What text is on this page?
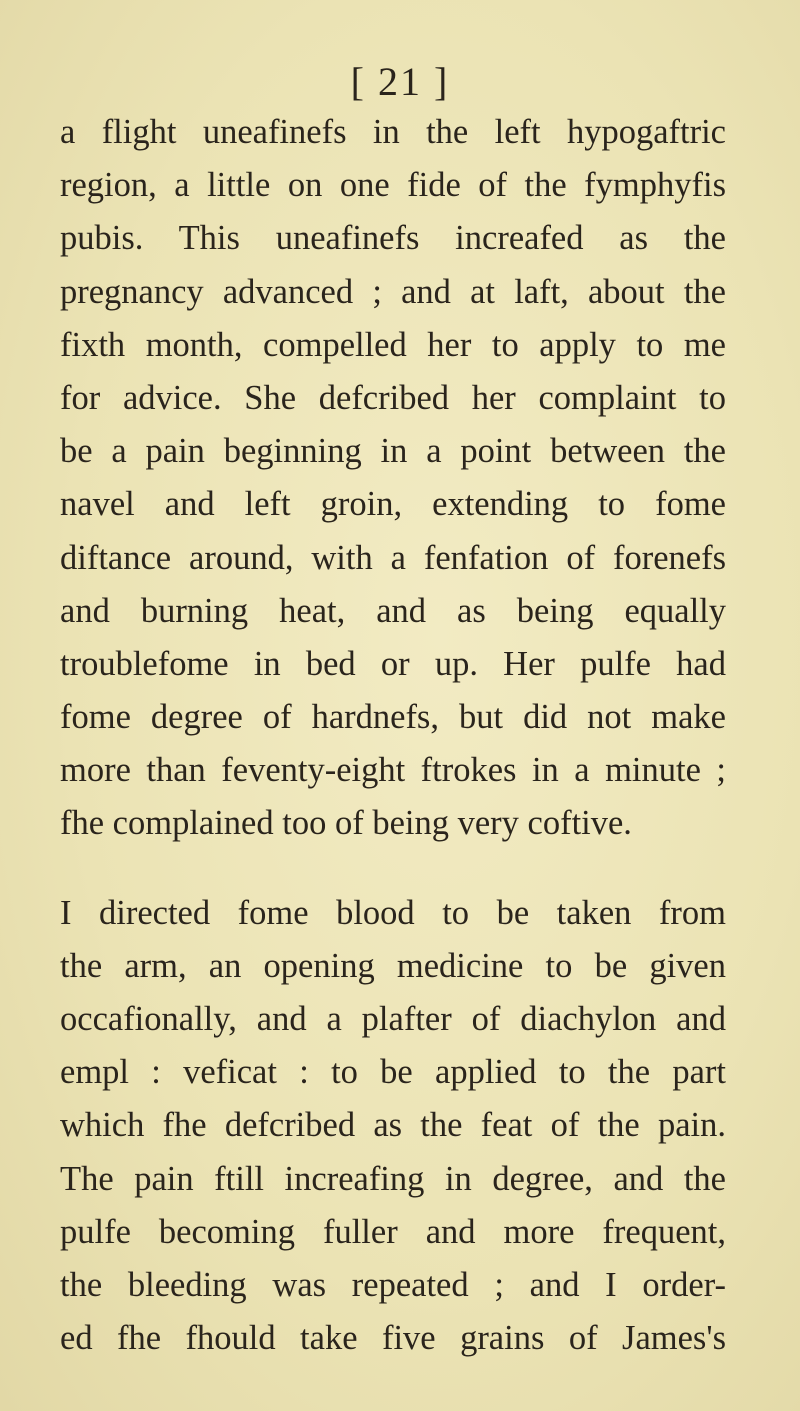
[ 21 ]

a flight uneafinefs in the left hypogaftric
region, a little on one fide of the fymphyfis
pubis. This uneafinefs increafed as the
pregnancy advanced ; and at laft, about the
fixth month, compelled her to apply to me
for advice. She defcribed her complaint to
be a pain beginning in a point between the
navel and left groin, extending to fome
diftance around, with a fenfation of forenefs
and burning heat, and as being equally
troublefome in bed or up. Her pulfe had
fome degree of hardnefs, but did not make
more than feventy-eight ftrokes in a minute ;
fhe complained too of being very coftive.

I directed fome blood to be taken from
the arm, an opening medicine to be given
occafionally, and a plafter of diachylon and
empl : veficat : to be applied to the part
which fhe defcribed as the feat of the pain.
The pain ftill increafing in degree, and the
pulfe becoming fuller and more frequent,
the bleeding was repeated ; and I order-
ed fhe fhould take five grains of James's
